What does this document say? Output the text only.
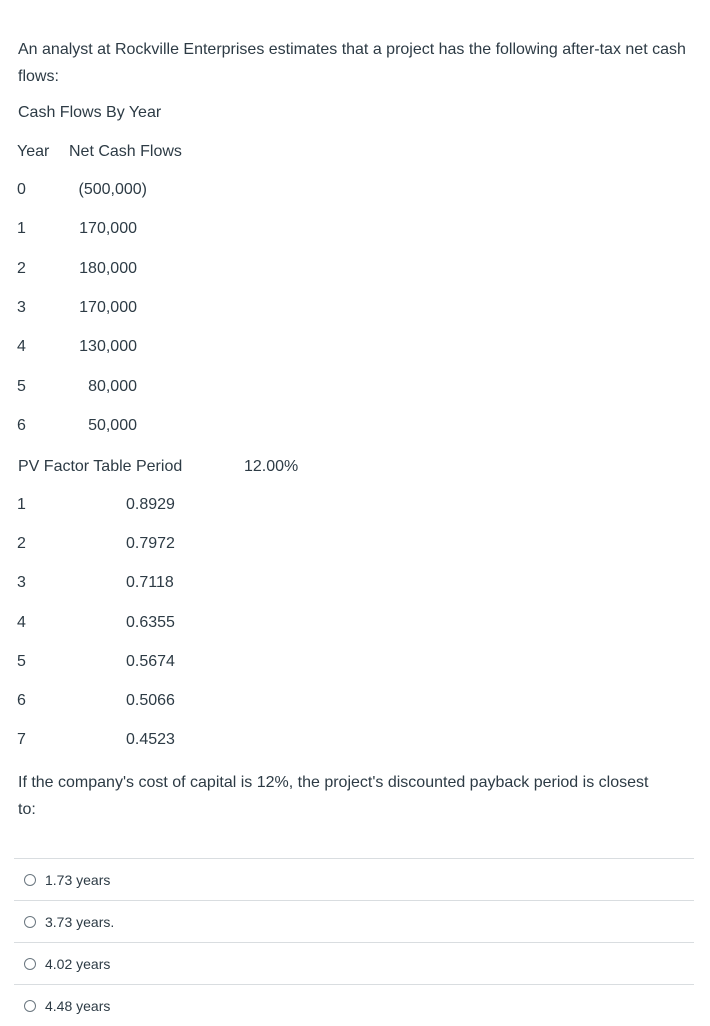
An analyst at Rockville Enterprises estimates that a project has the following after-tax net cash flows:

Cash Flows By Year
Year Net Cash Flows
0	(500,000)
1	170,000
2	180,000
3	170,000
4	130,000
5	80,000
6	50,000
PV Factor Table Period	12.00%
1	0.8929
2	0.7972
3	0.7118
4	0.6355
5	0.5674
6	0.5066
7	0.4523

If the company's cost of capital is 12%, the project's discounted payback period is closest to:

1.73 years
3.73 years.
4.02 years
4.48 years
